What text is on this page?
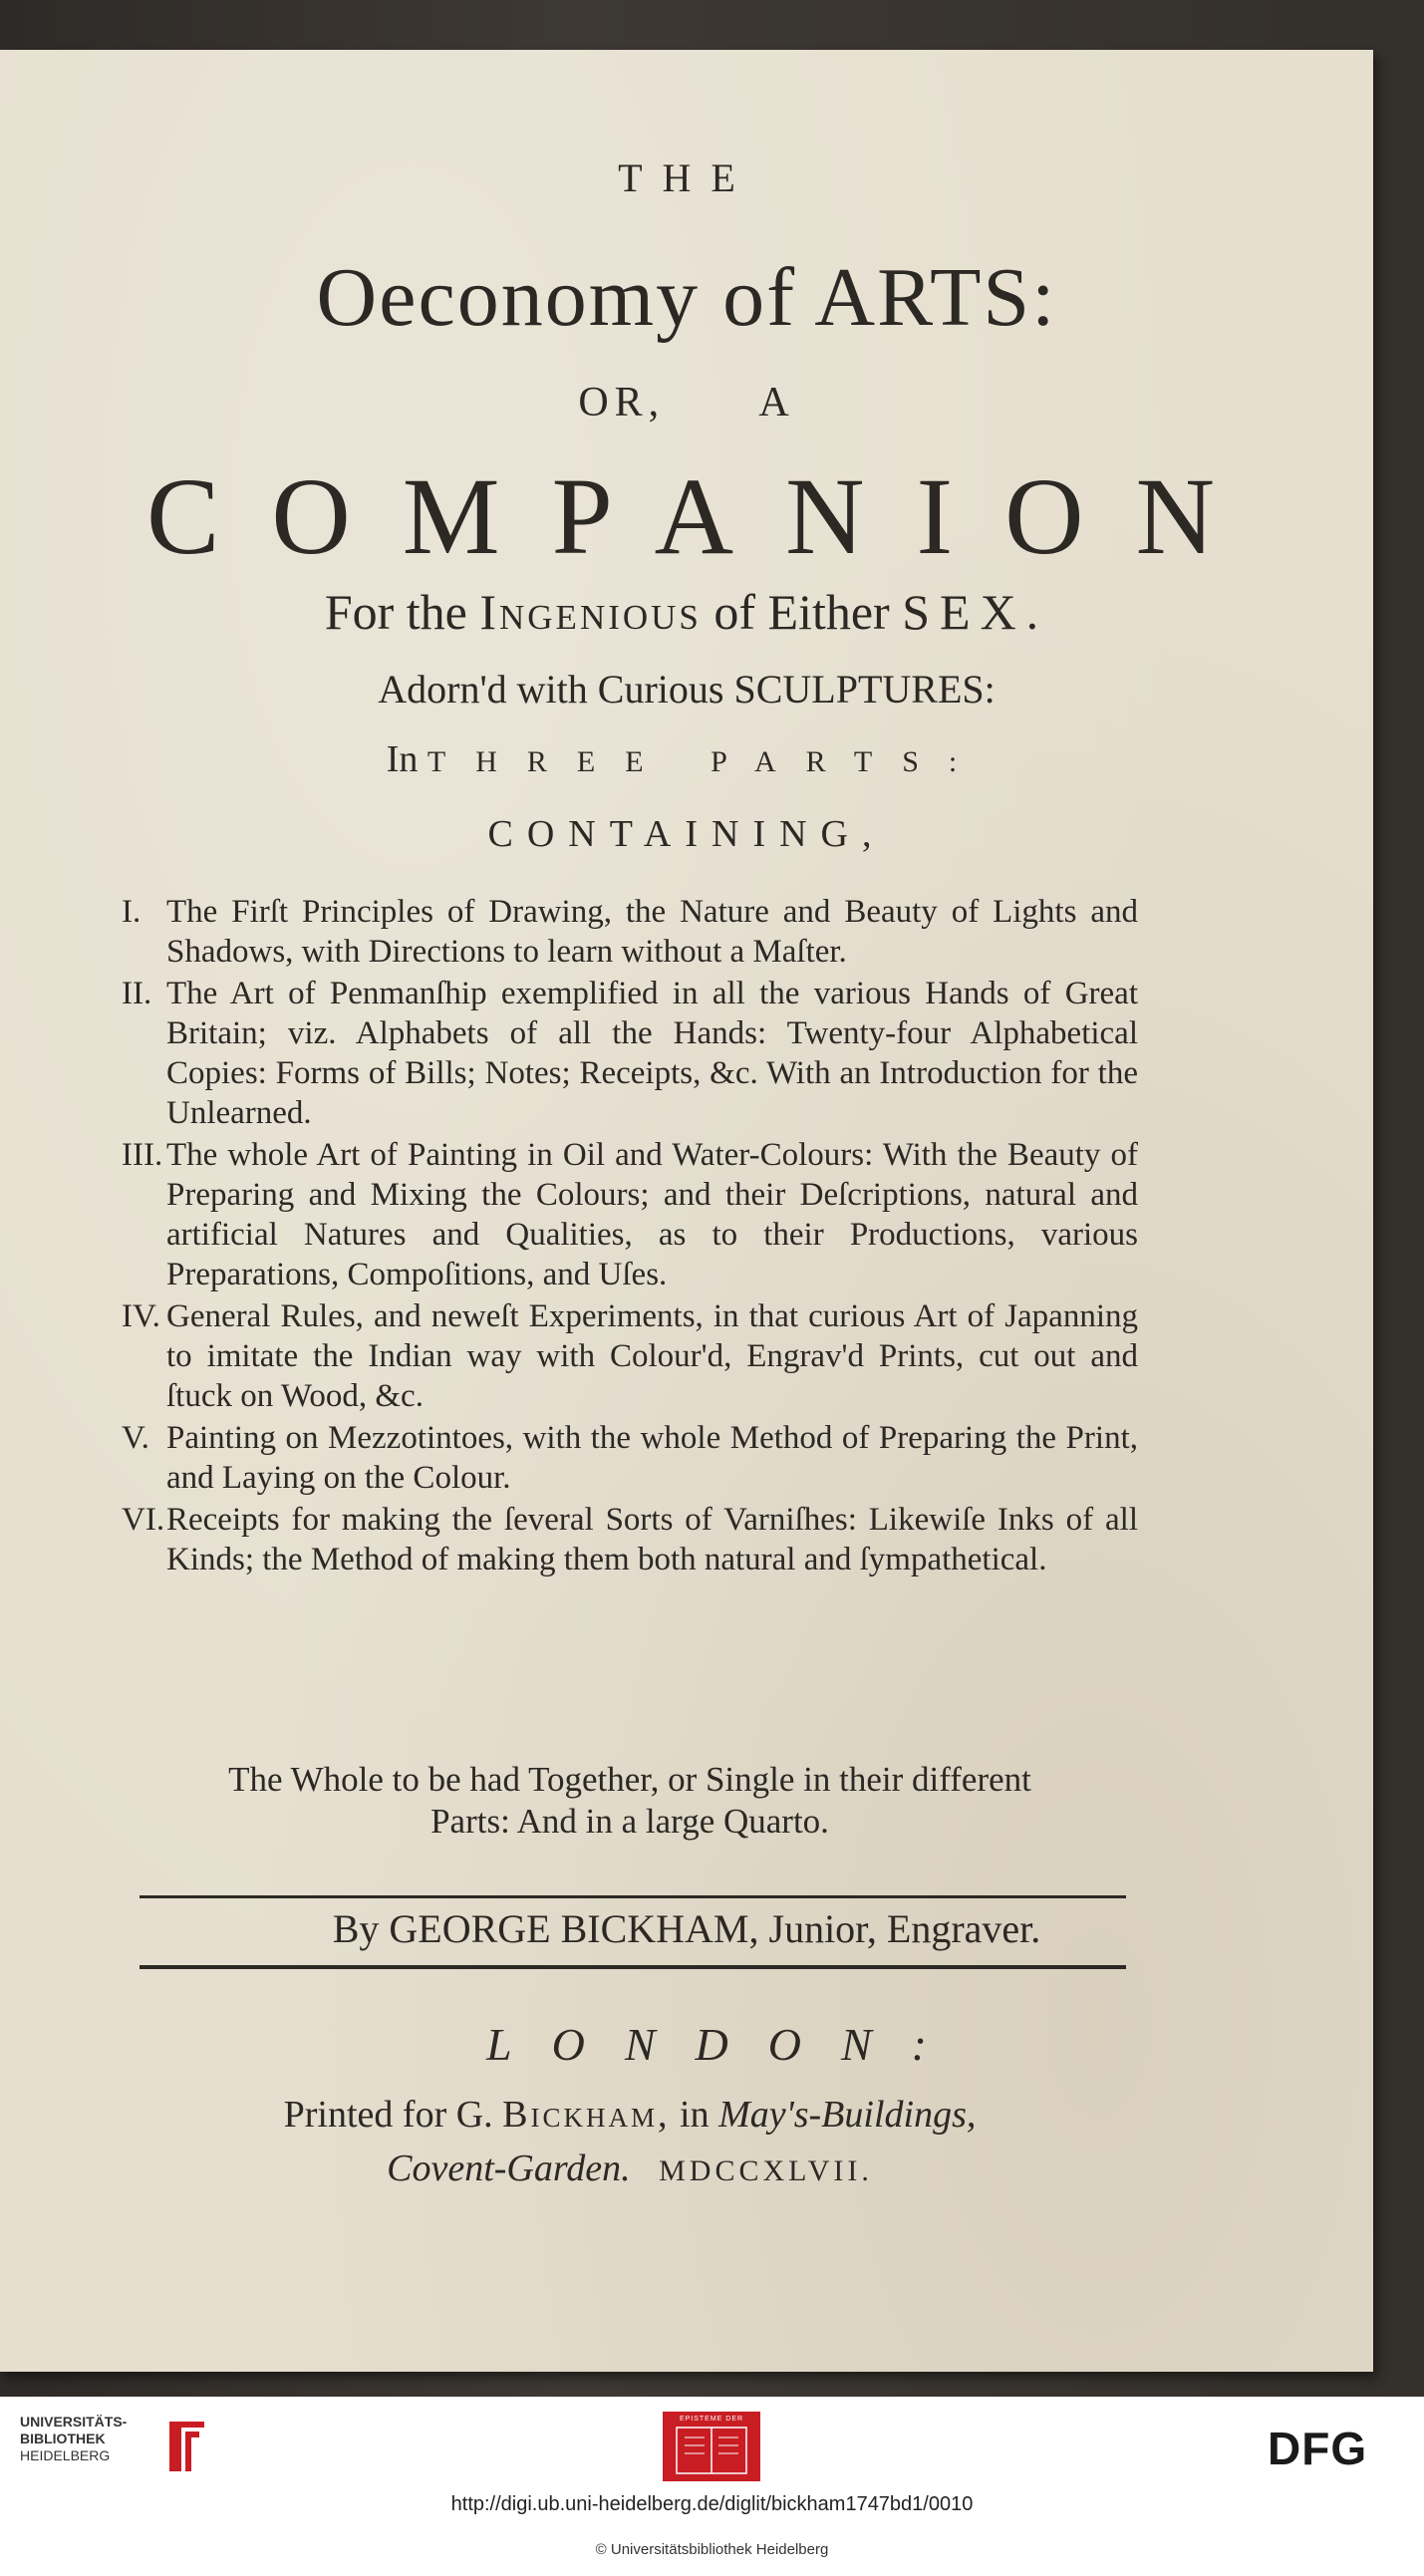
THE
Oeconomy of ARTS:
OR, A
COMPANION
For the Ingenious of Either SEX.
Adorn'd with Curious SCULPTURES:
In THREE PARTS:
CONTAINING,
I. The Firſt Principles of Drawing, the Nature and Beauty of Lights and Shadows, with Directions to learn without a Maſter.
II. The Art of Penmanſhip exemplified in all the various Hands of Great Britain; viz. Alphabets of all the Hands: Twenty-four Alphabetical Copies: Forms of Bills; Notes; Receipts, &c. With an Introduction for the Unlearned.
III. The whole Art of Painting in Oil and Water-Colours: With the Beauty of Preparing and Mixing the Colours; and their Deſcriptions, natural and artificial Natures and Qualities, as to their Productions, various Preparations, Compoſitions, and Uſes.
IV. General Rules, and neweſt Experiments, in that curious Art of Japanning to imitate the Indian way with Colour'd, Engrav'd Prints, cut out and ſtuck on Wood, &c.
V. Painting on Mezzotintoes, with the whole Method of Preparing the Print, and Laying on the Colour.
VI. Receipts for making the ſeveral Sorts of Varniſhes: Likewiſe Inks of all Kinds; the Method of making them both natural and ſympathetical.
The Whole to be had Together, or Single in their different
Parts: And in a large Quarto.
By GEORGE BICKHAM, Junior, Engraver.
LONDON:
Printed for G. Bickham, in May's-Buildings,
Covent-Garden. MDCCXLVII.
UNIVERSITÄTS-
BIBLIOTHEK
HEIDELBERG
EPISTEME DER
DFG
http://digi.ub.uni-heidelberg.de/diglit/bickham1747bd1/0010
© Universitätsbibliothek Heidelberg
